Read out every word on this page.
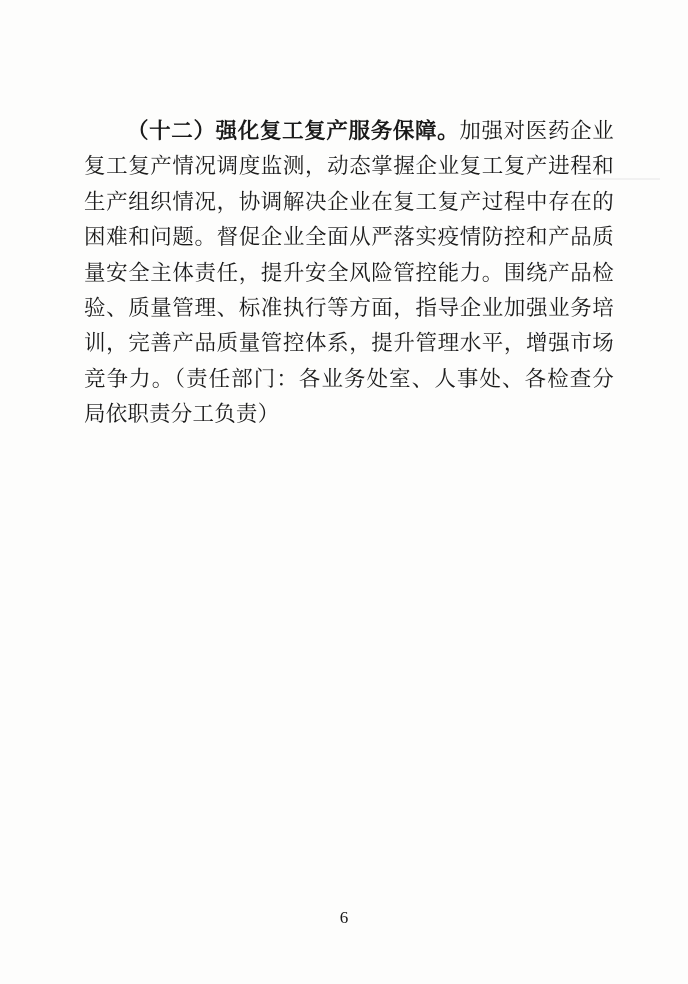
（十二）强化复工复产服务保障。加强对医药企业复工复产情况调度监测，动态掌握企业复工复产进程和生产组织情况，协调解决企业在复工复产过程中存在的困难和问题。督促企业全面从严落实疫情防控和产品质量安全主体责任，提升安全风险管控能力。围绕产品检验、质量管理、标准执行等方面，指导企业加强业务培训，完善产品质量管控体系，提升管理水平，增强市场竞争力。（责任部门：各业务处室、人事处、各检查分局依职责分工负责）

6
